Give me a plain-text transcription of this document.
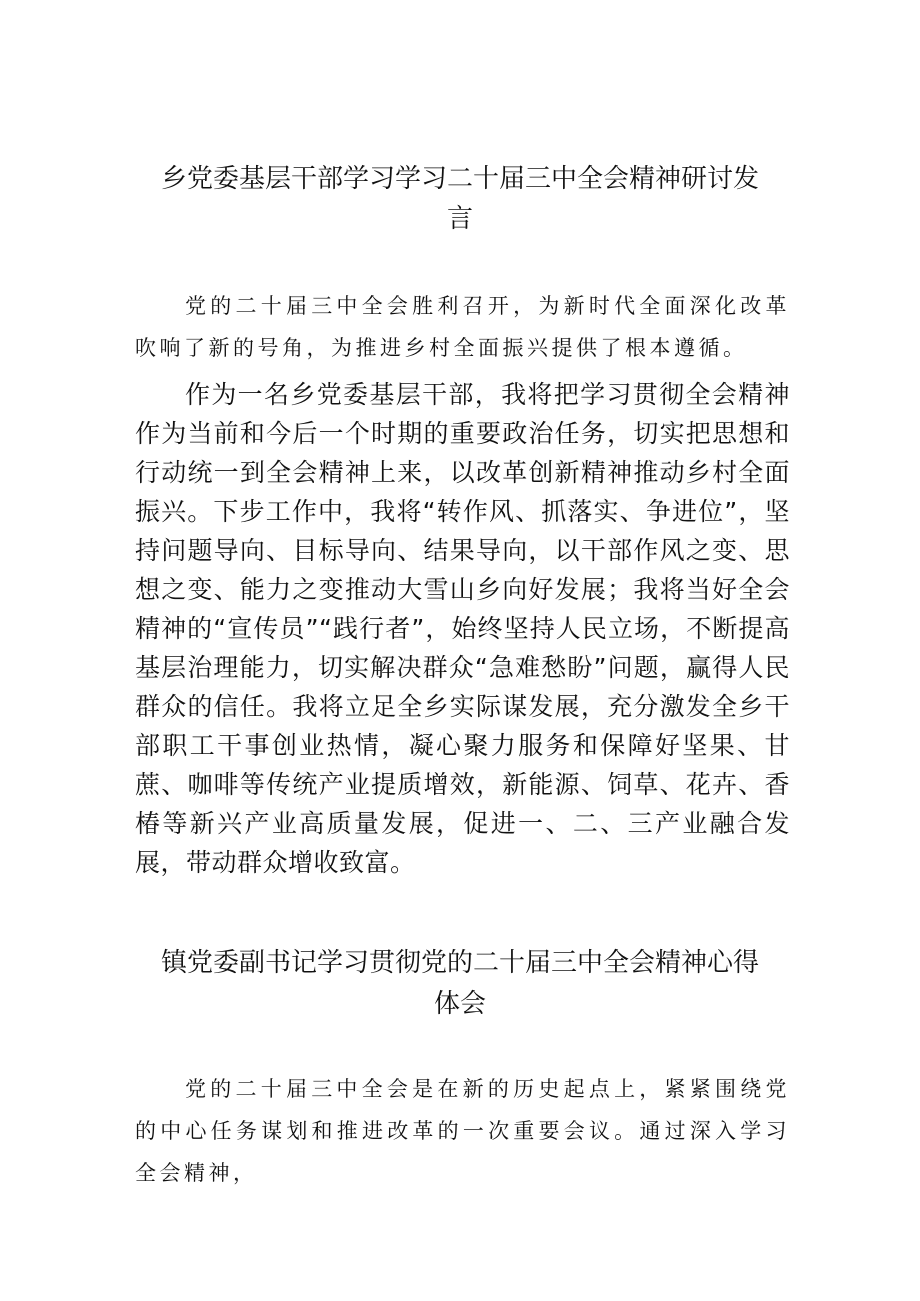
乡党委基层干部学习学习二十届三中全会精神研讨发
言

党的二十届三中全会胜利召开，为新时代全面深化改革吹响了新的号角，为推进乡村全面振兴提供了根本遵循。

作为一名乡党委基层干部，我将把学习贯彻全会精神作为当前和今后一个时期的重要政治任务，切实把思想和行动统一到全会精神上来，以改革创新精神推动乡村全面振兴。下步工作中，我将“转作风、抓落实、争进位”，坚持问题导向、目标导向、结果导向，以干部作风之变、思想之变、能力之变推动大雪山乡向好发展；我将当好全会精神的“宣传员”“践行者”，始终坚持人民立场，不断提高基层治理能力，切实解决群众“急难愁盼”问题，赢得人民群众的信任。我将立足全乡实际谋发展，充分激发全乡干部职工干事创业热情，凝心聚力服务和保障好坚果、甘蔗、咖啡等传统产业提质增效，新能源、饲草、花卉、香椿等新兴产业高质量发展，促进一、二、三产业融合发展，带动群众增收致富。

镇党委副书记学习贯彻党的二十届三中全会精神心得
体会

党的二十届三中全会是在新的历史起点上，紧紧围绕党的中心任务谋划和推进改革的一次重要会议。通过深入学习全会精神，
